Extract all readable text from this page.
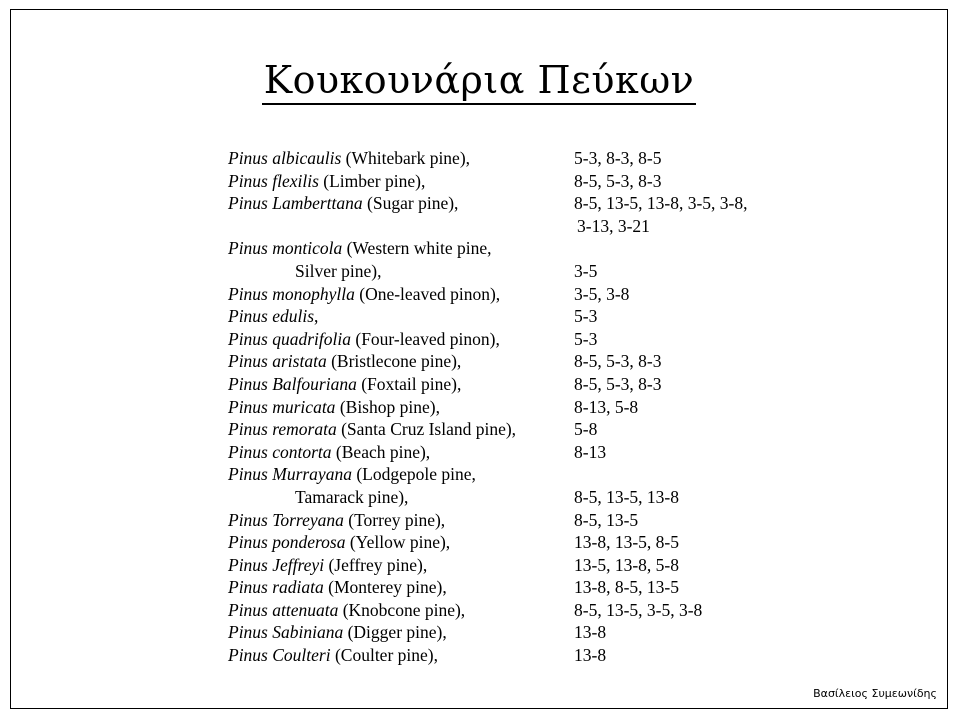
Κουκουνάρια Πεύκων
Pinus albicaulis (Whitebark pine),	5-3, 8-3, 8-5
Pinus flexilis (Limber pine),	8-5, 5-3, 8-3
Pinus Lamberttana (Sugar pine),	8-5, 13-5, 13-8, 3-5, 3-8,
3-13, 3-21
Pinus monticola (Western white pine,
Silver pine),	3-5
Pinus monophylla (One-leaved pinon),	3-5, 3-8
Pinus edulis,	5-3
Pinus quadrifolia (Four-leaved pinon),	5-3
Pinus aristata (Bristlecone pine),	8-5, 5-3, 8-3
Pinus Balfouriana (Foxtail pine),	8-5, 5-3, 8-3
Pinus muricata (Bishop pine),	8-13, 5-8
Pinus remorata (Santa Cruz Island pine),	5-8
Pinus contorta (Beach pine),	8-13
Pinus Murrayana (Lodgepole pine,
Tamarack pine),	8-5, 13-5, 13-8
Pinus Torreyana (Torrey pine),	8-5, 13-5
Pinus ponderosa (Yellow pine),	13-8, 13-5, 8-5
Pinus Jeffreyi (Jeffrey pine),	13-5, 13-8, 5-8
Pinus radiata (Monterey pine),	13-8, 8-5, 13-5
Pinus attenuata (Knobcone pine),	8-5, 13-5, 3-5, 3-8
Pinus Sabiniana (Digger pine),	13-8
Pinus Coulteri (Coulter pine),	13-8
Βασίλειος Συμεωνίδης
